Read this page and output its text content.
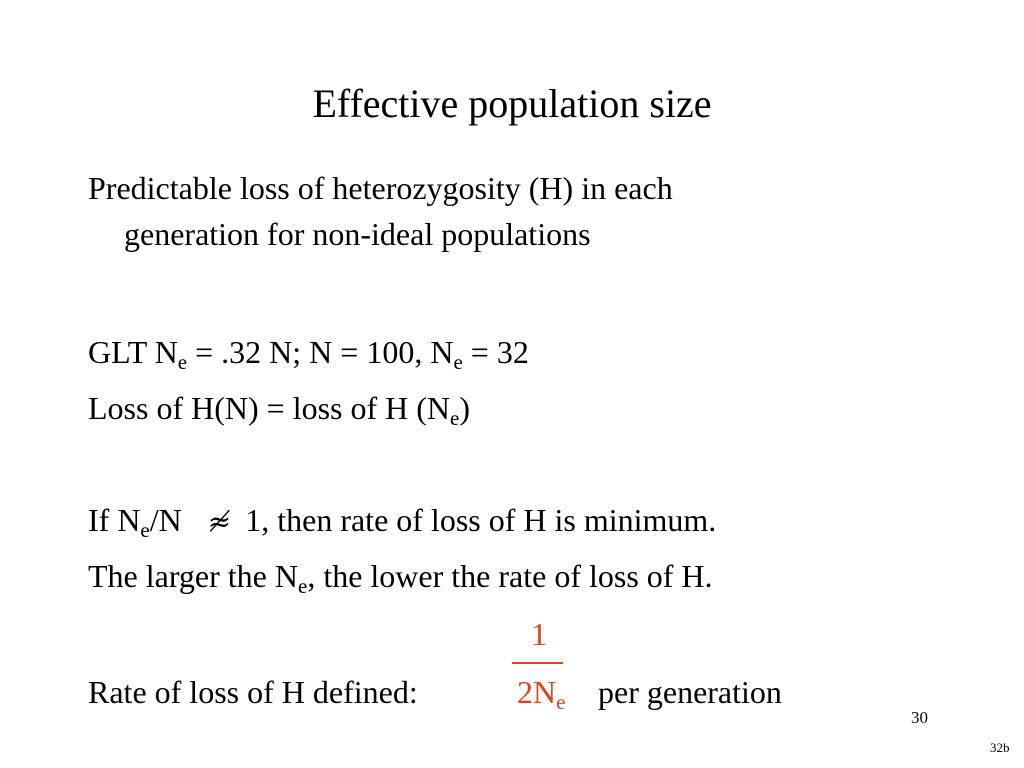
Effective population size
Predictable loss of heterozygosity (H) in each
generation for non-ideal populations
GLT $N_e = .32$ N; N = 100, $N_e = 32$
Loss of H(N) = loss of H $(N_e)$
If $N_e/N$ ≉ 1, then rate of loss of H is minimum.
The larger the $N_e$, the lower the rate of loss of H.
Rate of loss of H defined:
1
$2N_e$ per generation
30
32b
